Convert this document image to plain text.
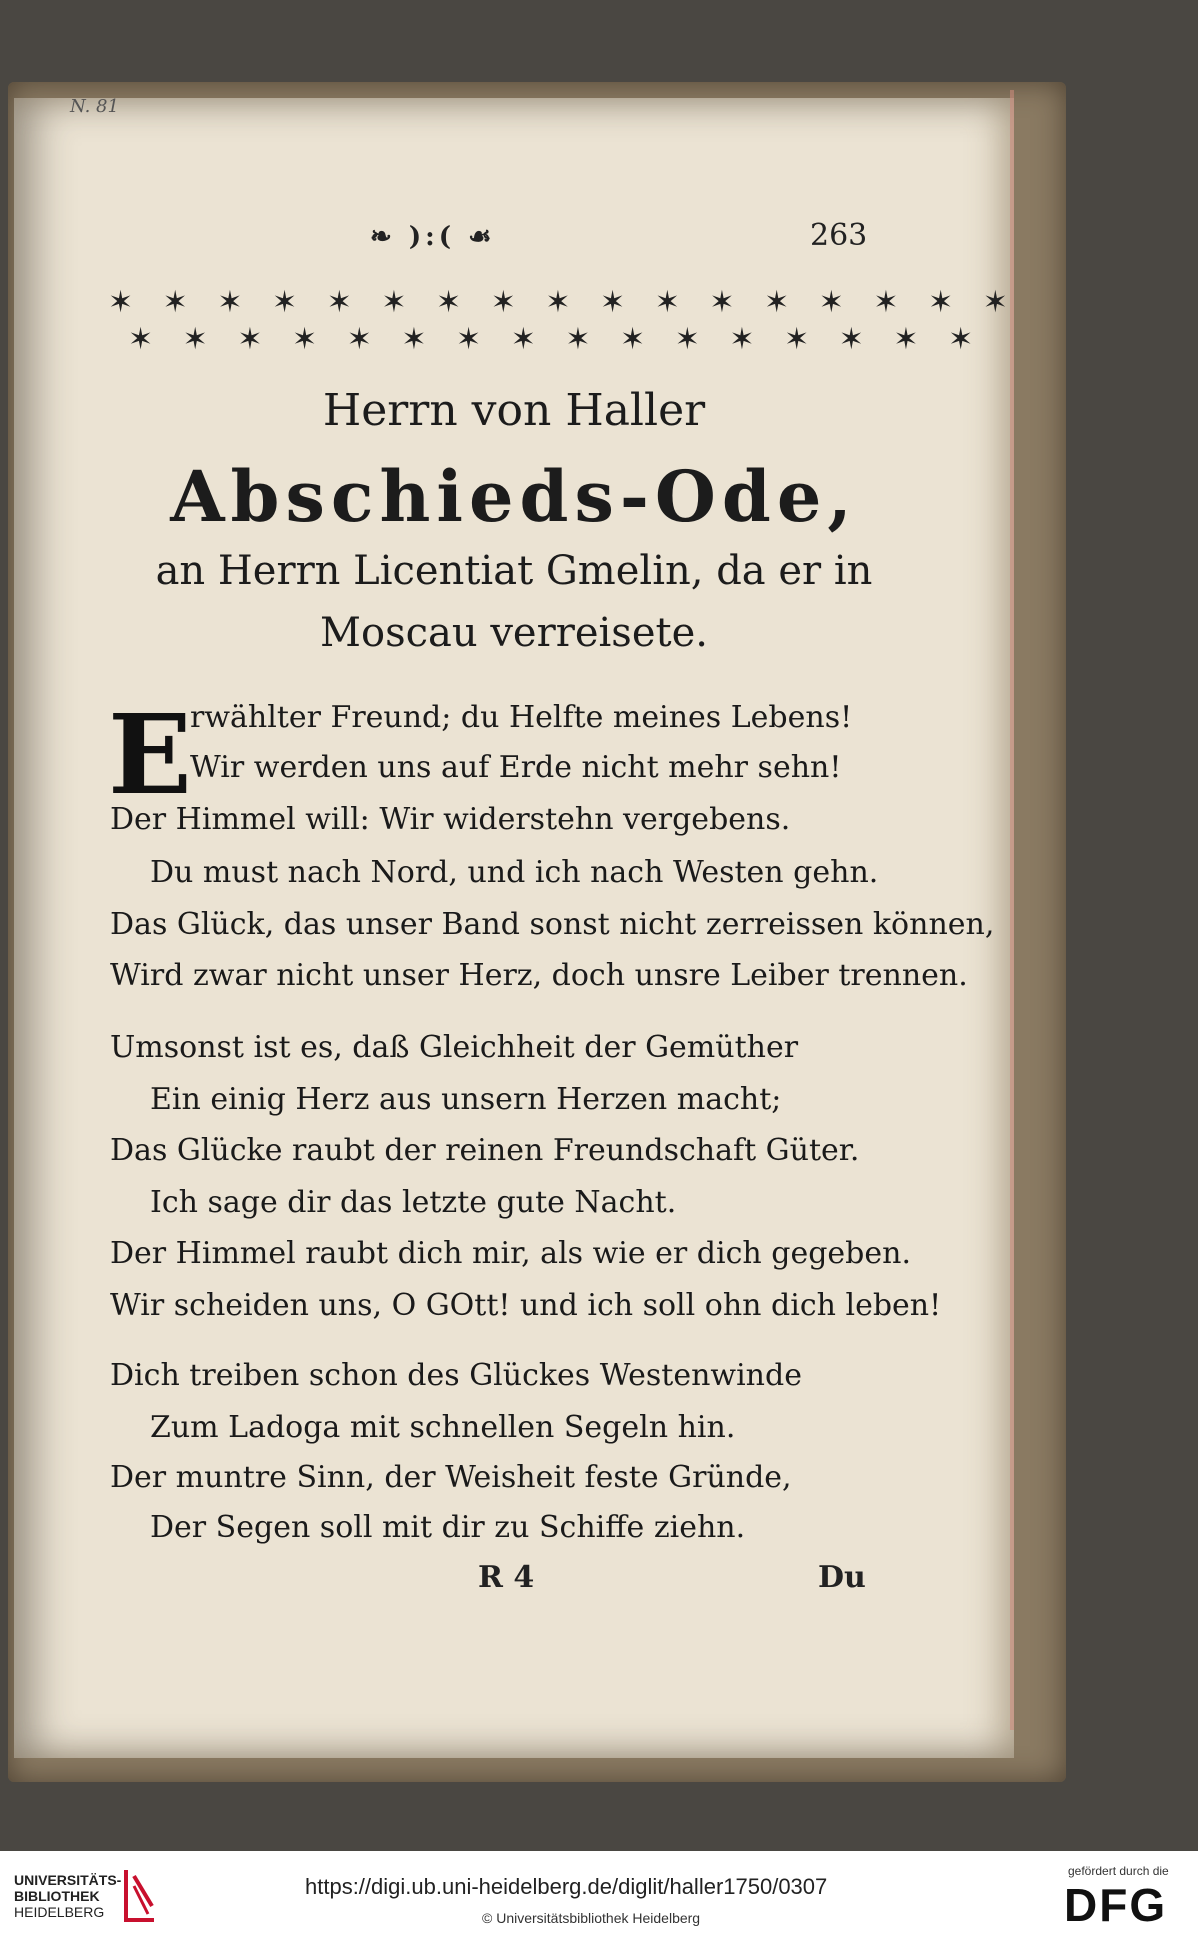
N. 81
❧ ):( ☙	263
✶ ✶ ✶ ✶ ✶ ✶ ✶ ✶ ✶ ✶ ✶ ✶ ✶ ✶ ✶ ✶ ✶
✶ ✶ ✶ ✶ ✶ ✶ ✶ ✶ ✶ ✶ ✶ ✶ ✶ ✶ ✶ ✶
Herrn von Haller
Abschieds-Ode,
an Herrn Licentiat Gmelin, da er in
Moscau verreisete.
E
rwählter Freund; du Helfte meines Lebens!
Wir werden uns auf Erde nicht mehr sehn!
Der Himmel will: Wir widerstehn vergebens.
Du must nach Nord, und ich nach Westen gehn.
Das Glück, das unser Band sonst nicht zerreissen können,
Wird zwar nicht unser Herz, doch unsre Leiber trennen.
Umsonst ist es, daß Gleichheit der Gemüther
Ein einig Herz aus unsern Herzen macht;
Das Glücke raubt der reinen Freundschaft Güter.
Ich sage dir das letzte gute Nacht.
Der Himmel raubt dich mir, als wie er dich gegeben.
Wir scheiden uns, O GOtt! und ich soll ohn dich leben!
Dich treiben schon des Glückes Westenwinde
Zum Ladoga mit schnellen Segeln hin.
Der muntre Sinn, der Weisheit feste Gründe,
Der Segen soll mit dir zu Schiffe ziehn.
R 4	Du
UNIVERSITÄTS-
BIBLIOTHEK
HEIDELBERG
https://digi.ub.uni-heidelberg.de/diglit/haller1750/0307
© Universitätsbibliothek Heidelberg
gefördert durch die
DFG
